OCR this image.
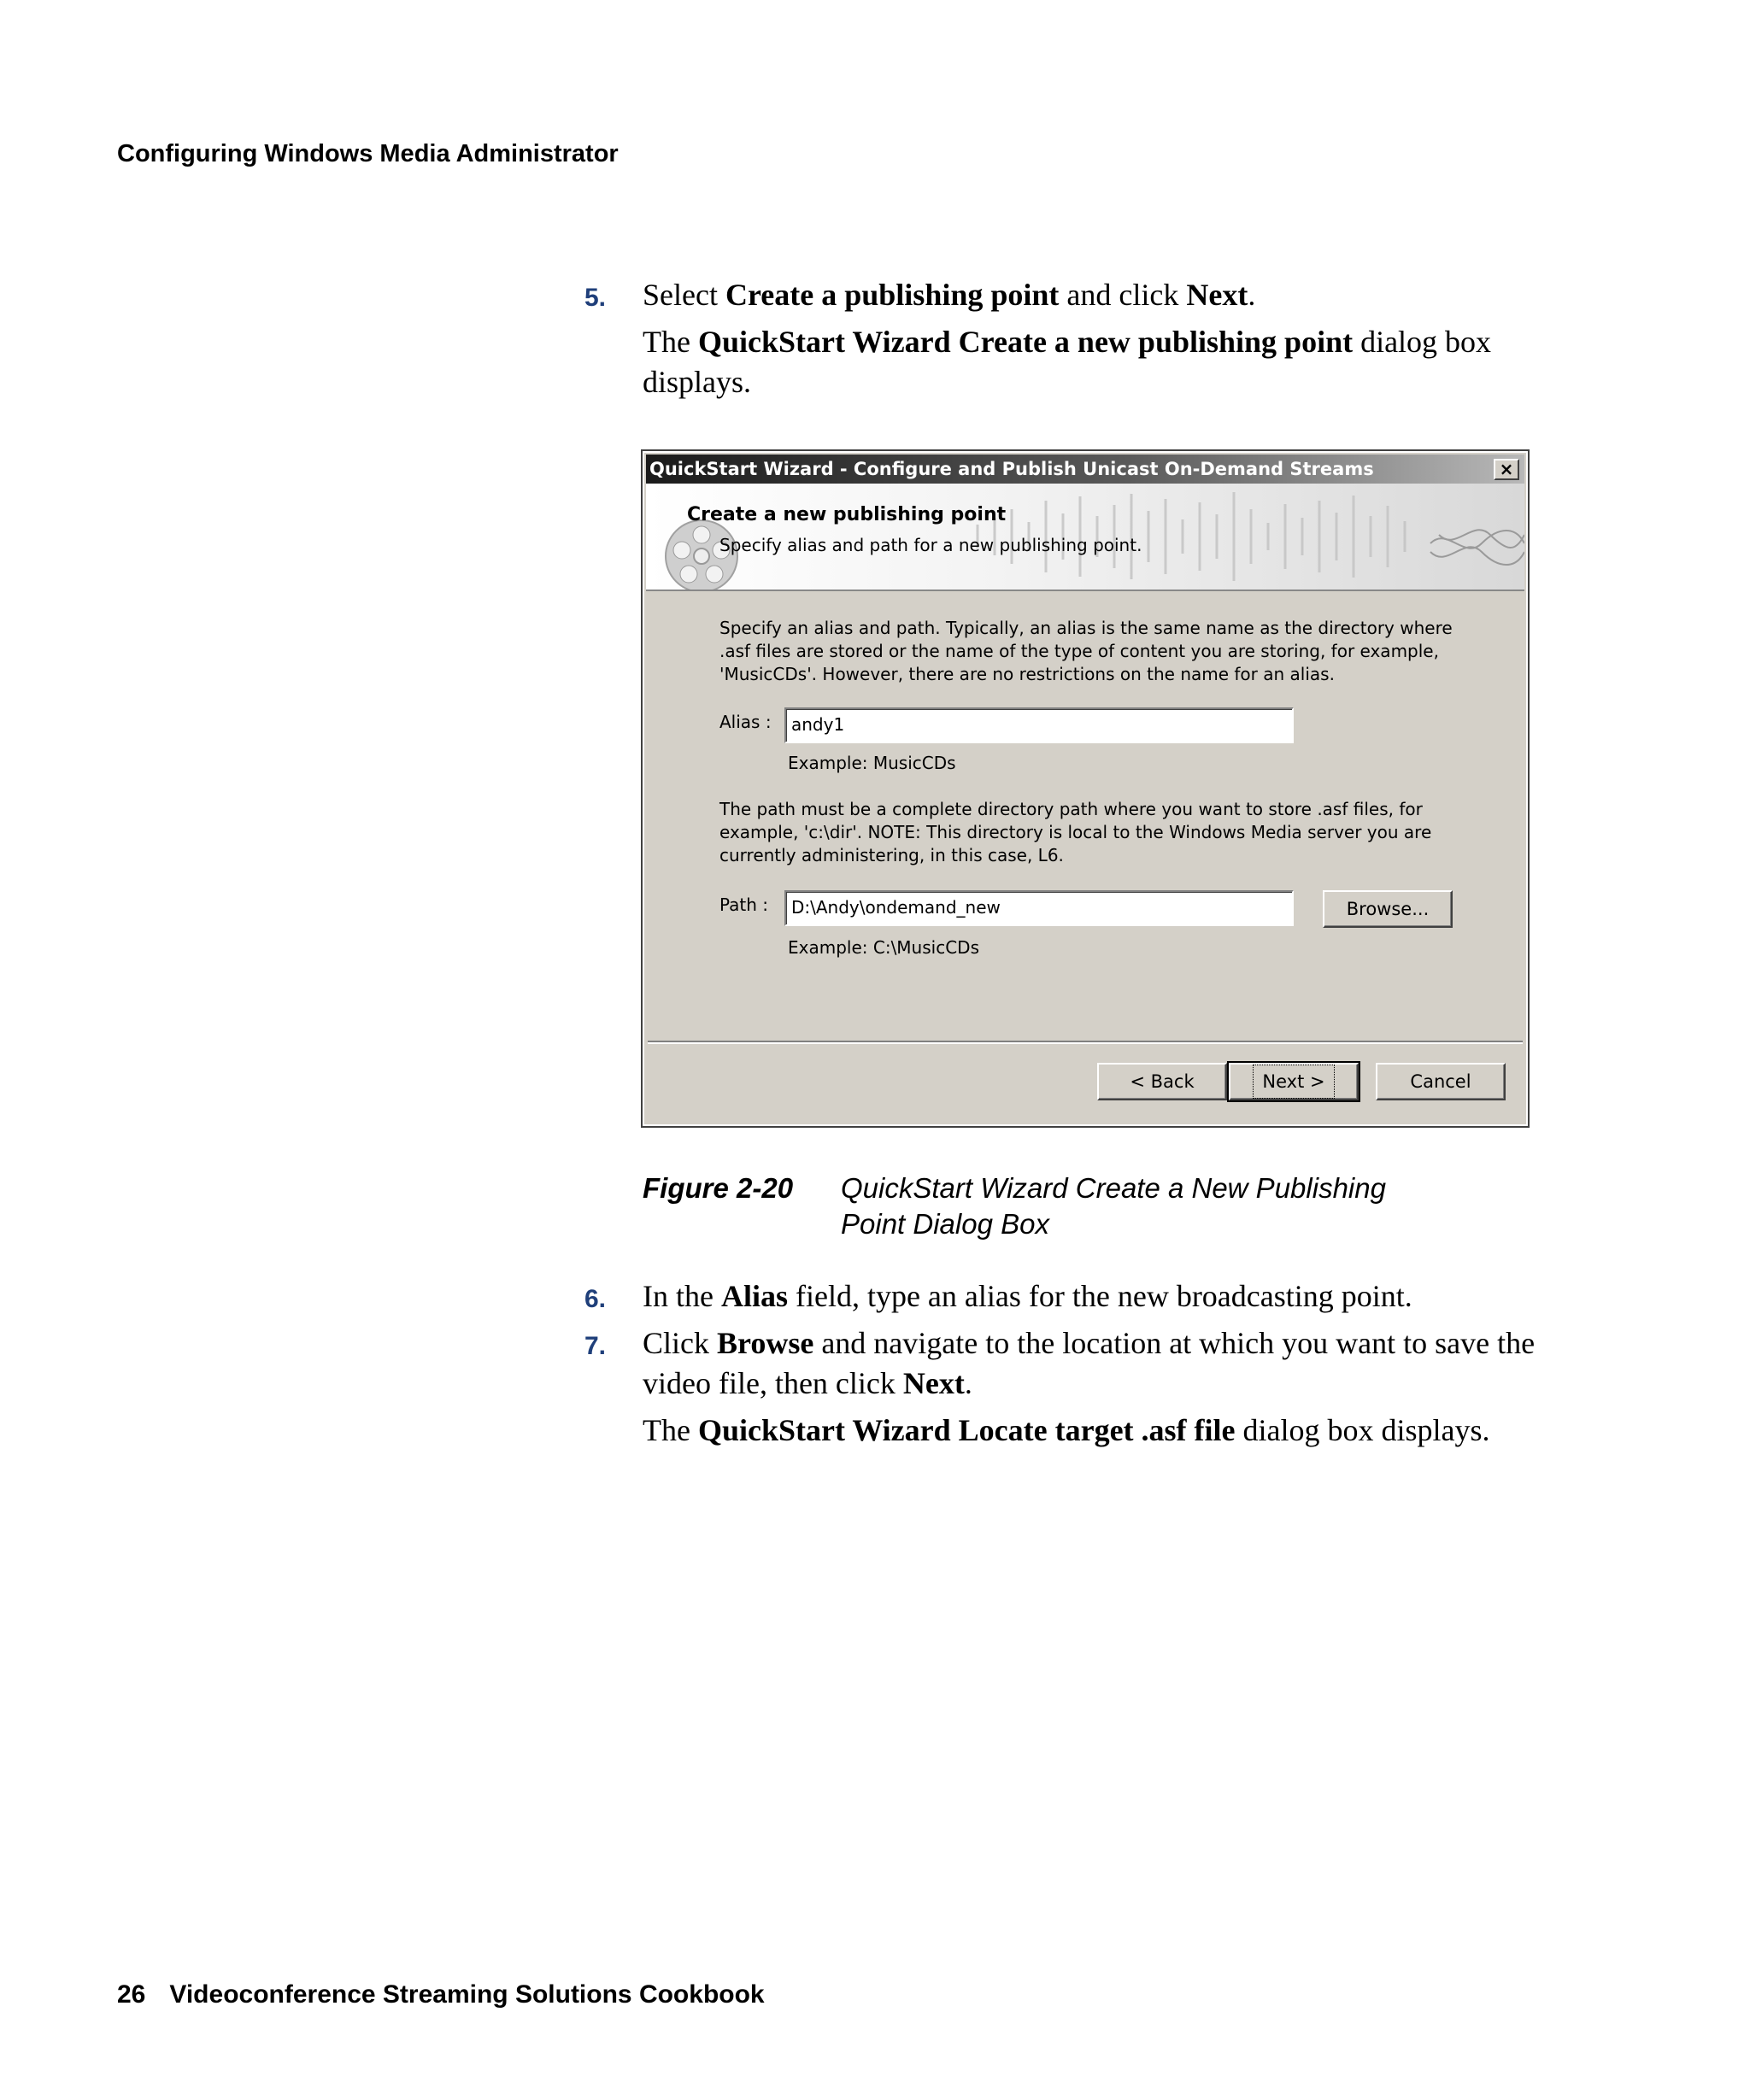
Configuring Windows Media Administrator
5. Select Create a publishing point and click Next.
The QuickStart Wizard Create a new publishing point dialog box displays.
QuickStart Wizard - Configure and Publish Unicast On-Demand Streams	×
Create a new publishing point
Specify alias and path for a new publishing point.
Specify an alias and path. Typically, an alias is the same name as the directory where
.asf files are stored or the name of the type of content you are storing, for example,
'MusicCDs'. However, there are no restrictions on the name for an alias.
Alias :	andy1
Example: MusicCDs
The path must be a complete directory path where you want to store .asf files, for
example, 'c:\dir'. NOTE: This directory is local to the Windows Media server you are
currently administering, in this case, L6.
Path :	D:\Andy\ondemand_new	Browse...
Example: C:\MusicCDs
< Back	Next >	Cancel
Figure 2-20 QuickStart Wizard Create a New Publishing Point Dialog Box
6. In the Alias field, type an alias for the new broadcasting point.
7. Click Browse and navigate to the location at which you want to save the video file, then click Next.
The QuickStart Wizard Locate target .asf file dialog box displays.
26 Videoconference Streaming Solutions Cookbook
